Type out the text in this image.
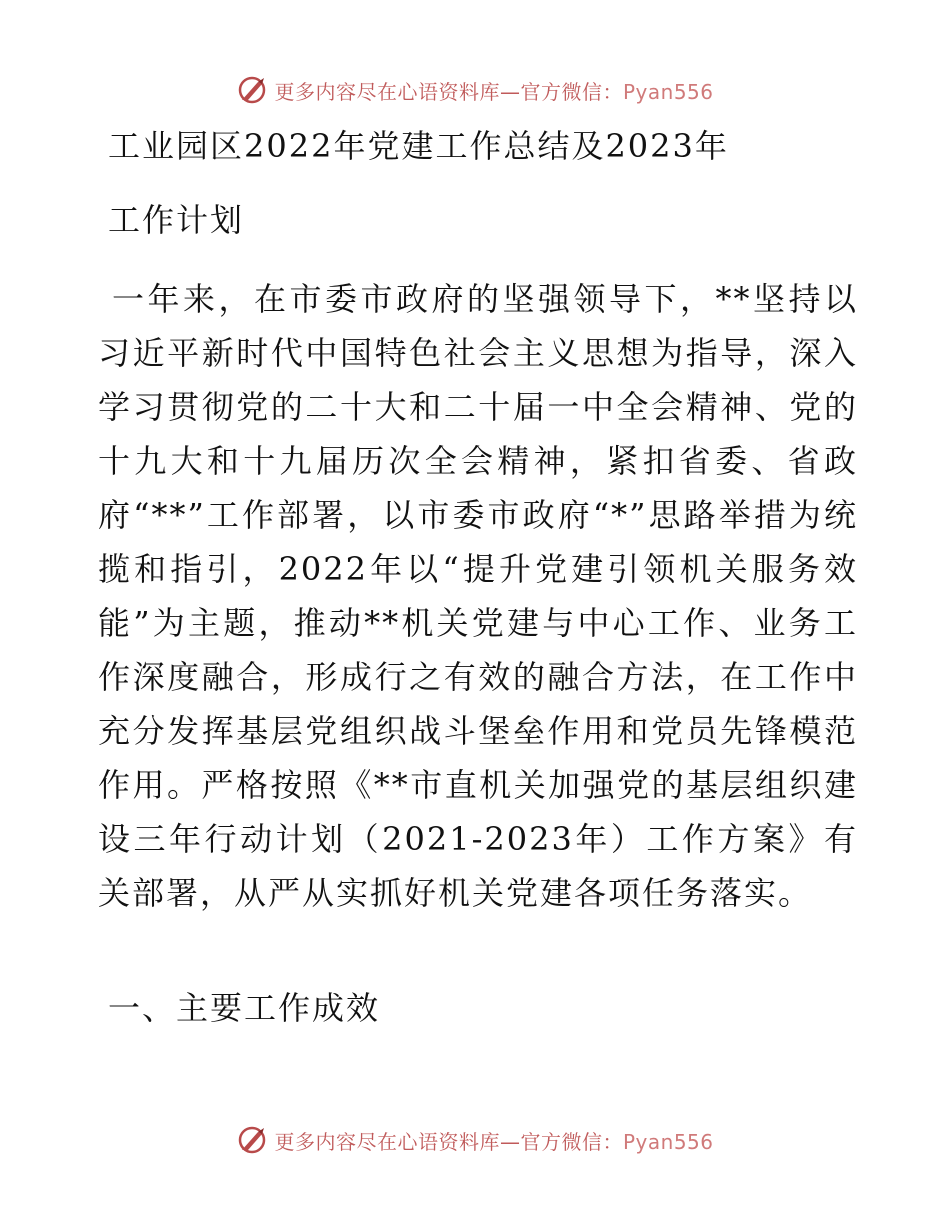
更多内容尽在心语资料库—官方微信：Pyan556
工业园区2022年党建工作总结及2023年
工作计划

一年来，在市委市政府的坚强领导下，**坚持以习近平新时代中国特色社会主义思想为指导，深入学习贯彻党的二十大和二十届一中全会精神、党的十九大和十九届历次全会精神，紧扣省委、省政府“**”工作部署，以市委市政府“*”思路举措为统揽和指引，2022年以“提升党建引领机关服务效能”为主题，推动**机关党建与中心工作、业务工作深度融合，形成行之有效的融合方法，在工作中充分发挥基层党组织战斗堡垒作用和党员先锋模范作用。严格按照《**市直机关加强党的基层组织建设三年行动计划（2021-2023年）工作方案》有关部署，从严从实抓好机关党建各项任务落实。

一、主要工作成效
更多内容尽在心语资料库—官方微信：Pyan556
